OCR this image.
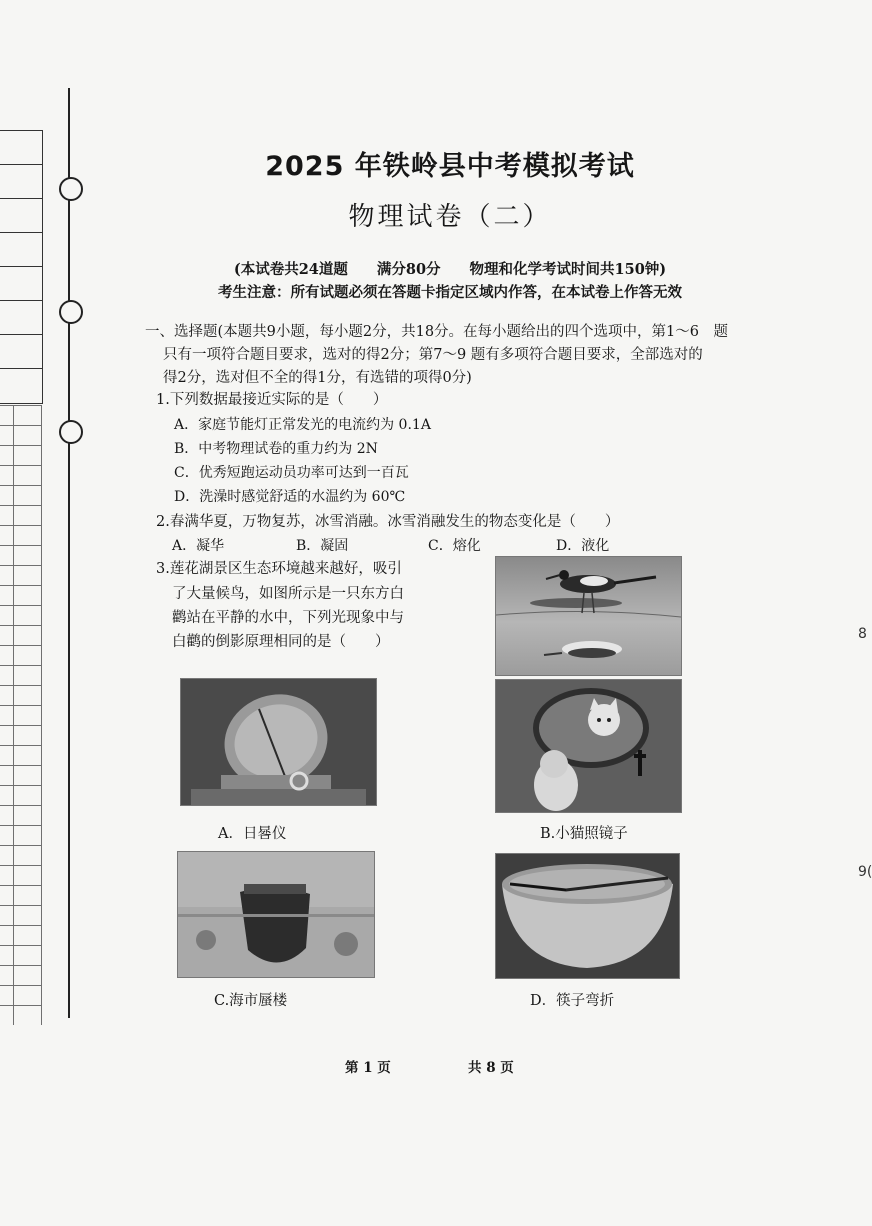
8
9(
2025 年铁岭县中考模拟考试
物理试卷（二）
(本试卷共24道题　　满分80分　　物理和化学考试时间共150钟)
考生注意：所有试题必须在答题卡指定区域内作答，在本试卷上作答无效
一、选择题(本题共9小题，每小题2分，共18分。在每小题给出的四个选项中，第1～6　题
只有一项符合题目要求，选对的得2分；第7～9 题有多项符合题目要求，全部选对的
得2分，选对但不全的得1分，有选错的项得0分)
1.下列数据最接近实际的是（　　）
A．家庭节能灯正常发光的电流约为 0.1A
B．中考物理试卷的重力约为 2N
C．优秀短跑运动员功率可达到一百瓦
D．洗澡时感觉舒适的水温约为 60℃
2.春满华夏，万物复苏，冰雪消融。冰雪消融发生的物态变化是（　　）
A．凝华	B．凝固	C．熔化	D．液化
3.莲花湖景区生态环境越来越好，吸引
了大量候鸟，如图所示是一只东方白
鹳站在平静的水中，下列光现象中与
白鹳的倒影原理相同的是（　　）
A．日晷仪	B.小猫照镜子
C.海市蜃楼	D．筷子弯折
第 1 页	共 8 页
